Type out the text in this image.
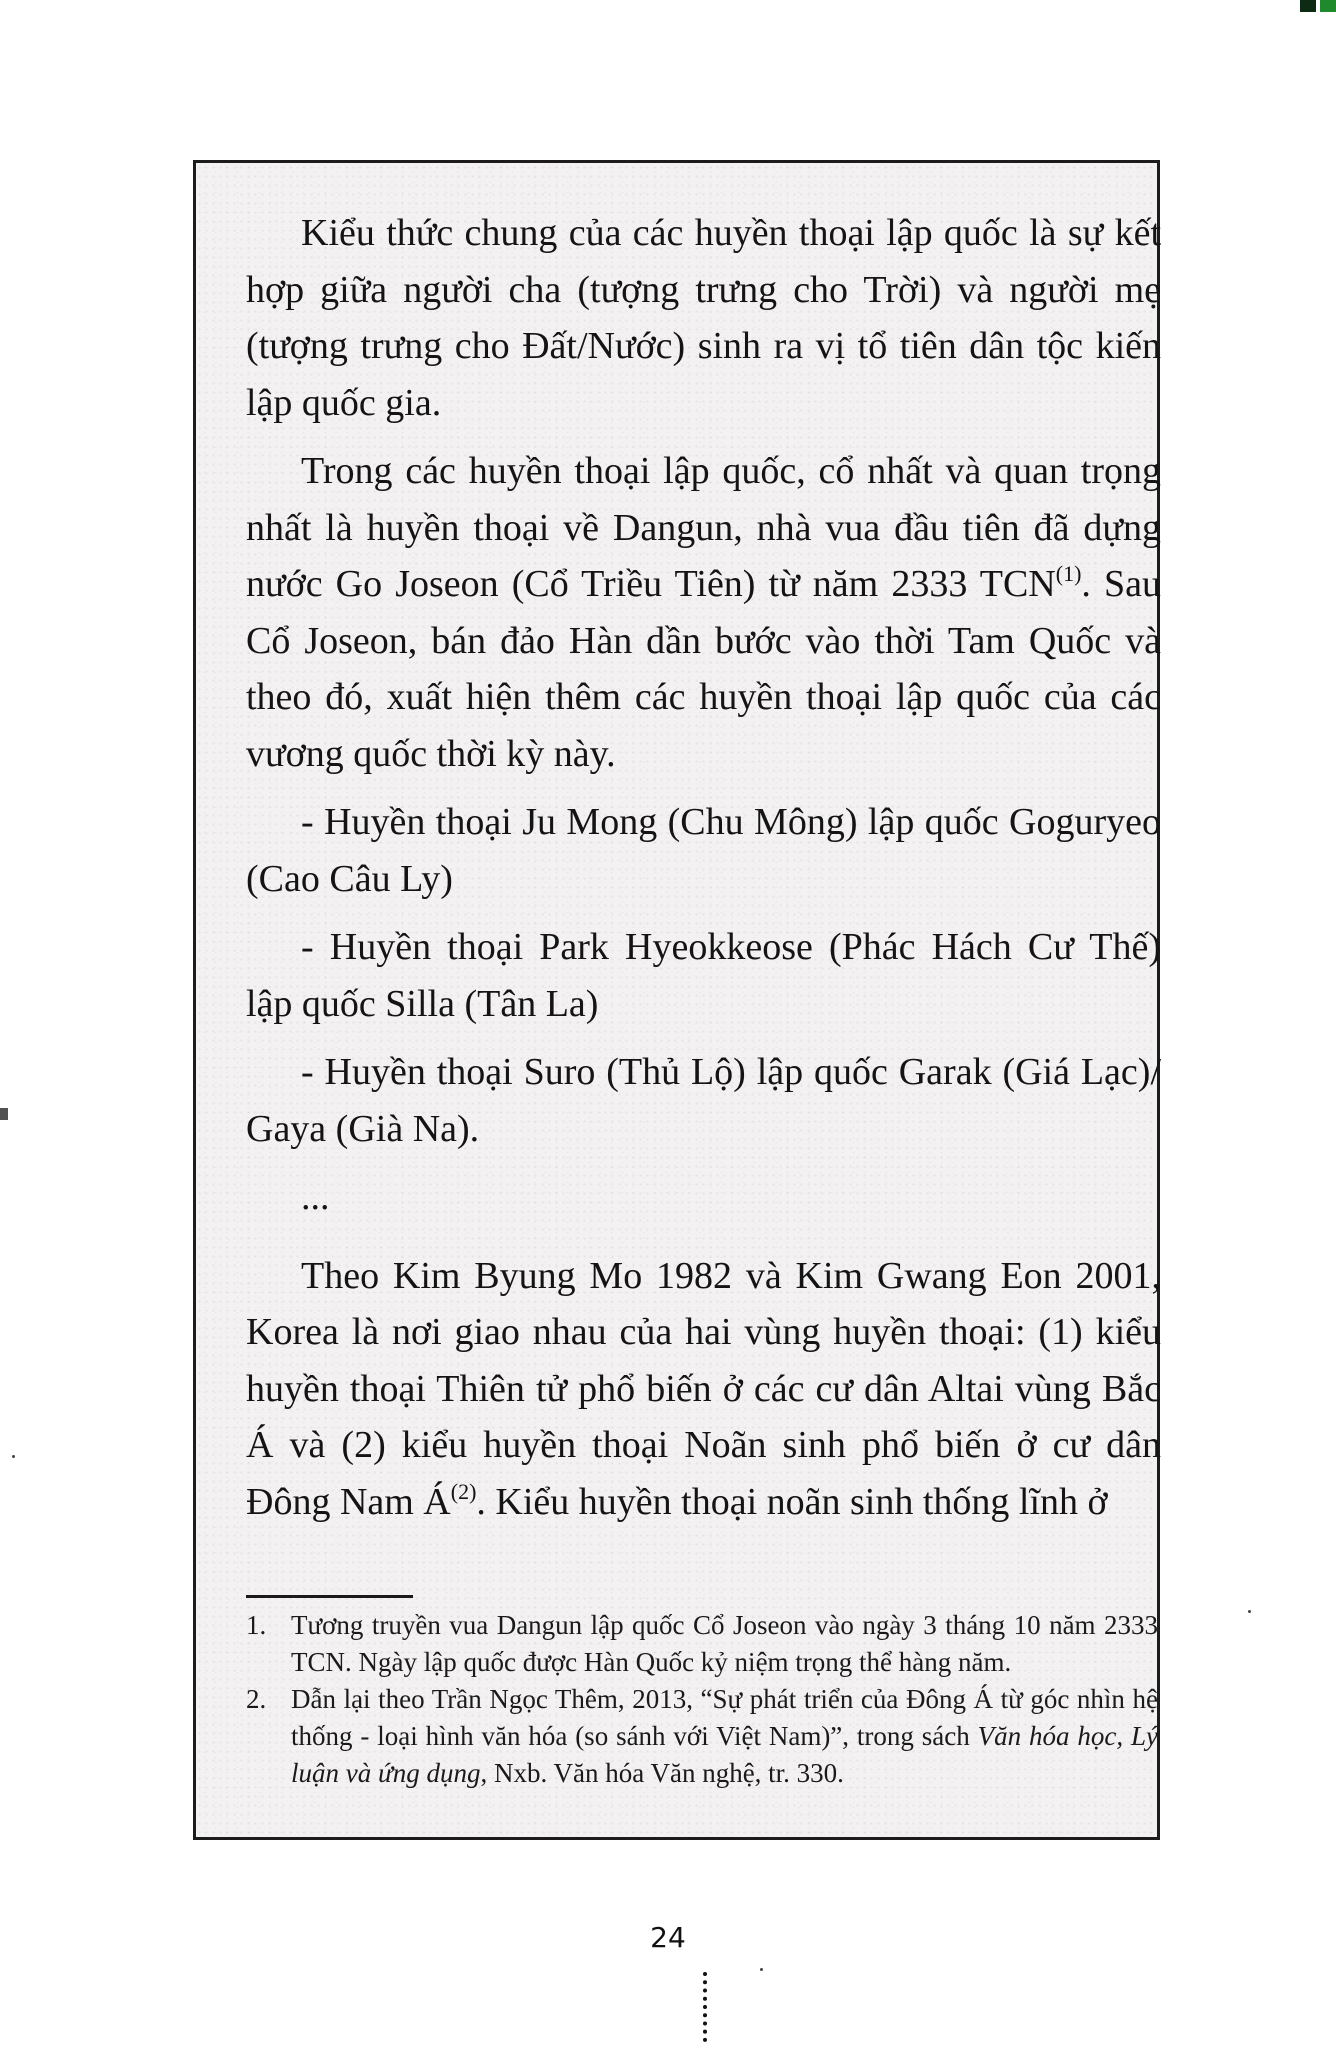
Kiểu thức chung của các huyền thoại lập quốc là sự kết hợp giữa người cha (tượng trưng cho Trời) và người mẹ (tượng trưng cho Đất/Nước) sinh ra vị tổ tiên dân tộc kiến lập quốc gia.

Trong các huyền thoại lập quốc, cổ nhất và quan trọng nhất là huyền thoại về Dangun, nhà vua đầu tiên đã dựng nước Go Joseon (Cổ Triều Tiên) từ năm 2333 TCN$^{(1)}$. Sau Cổ Joseon, bán đảo Hàn dần bước vào thời Tam Quốc và theo đó, xuất hiện thêm các huyền thoại lập quốc của các vương quốc thời kỳ này.

- Huyền thoại Ju Mong (Chu Mông) lập quốc Goguryeo (Cao Câu Ly)

- Huyền thoại Park Hyeokkeose (Phác Hách Cư Thế) lập quốc Silla (Tân La)

- Huyền thoại Suro (Thủ Lộ) lập quốc Garak (Giá Lạc)/ Gaya (Già Na).

...

Theo Kim Byung Mo 1982 và Kim Gwang Eon 2001, Korea là nơi giao nhau của hai vùng huyền thoại: (1) kiểu huyền thoại Thiên tử phổ biến ở các cư dân Altai vùng Bắc Á và (2) kiểu huyền thoại Noãn sinh phổ biến ở cư dân Đông Nam Á$^{(2)}$. Kiểu huyền thoại noãn sinh thống lĩnh ở

1. Tương truyền vua Dangun lập quốc Cổ Joseon vào ngày 3 tháng 10 năm 2333 TCN. Ngày lập quốc được Hàn Quốc kỷ niệm trọng thể hàng năm.
2. Dẫn lại theo Trần Ngọc Thêm, 2013, “Sự phát triển của Đông Á từ góc nhìn hệ thống - loại hình văn hóa (so sánh với Việt Nam)”, trong sách Văn hóa học, Lý luận và ứng dụng, Nxb. Văn hóa Văn nghệ, tr. 330.
24
